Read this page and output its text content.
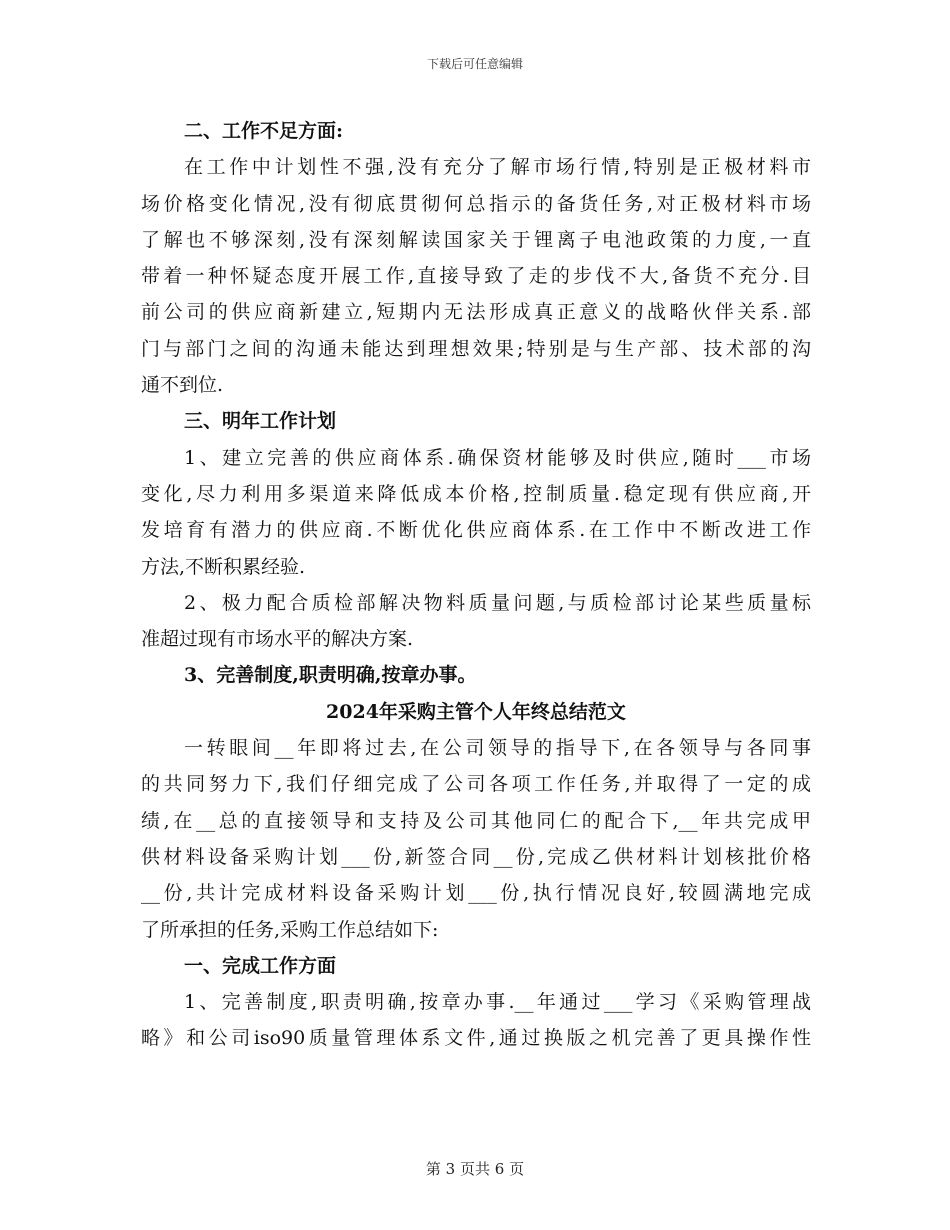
下载后可任意编辑
二、工作不足方面:
在工作中计划性不强,没有充分了解市场行情,特别是正极材料市
场价格变化情况,没有彻底贯彻何总指示的备货任务,对正极材料市场
了解也不够深刻,没有深刻解读国家关于锂离子电池政策的力度,一直
带着一种怀疑态度开展工作,直接导致了走的步伐不大,备货不充分.目
前公司的供应商新建立,短期内无法形成真正意义的战略伙伴关系.部
门与部门之间的沟通未能达到理想效果;特别是与生产部、技术部的沟
通不到位.
三、明年工作计划
1、建立完善的供应商体系.确保资材能够及时供应,随时___市场
变化,尽力利用多渠道来降低成本价格,控制质量.稳定现有供应商,开
发培育有潜力的供应商.不断优化供应商体系.在工作中不断改进工作
方法,不断积累经验.
2、极力配合质检部解决物料质量问题,与质检部讨论某些质量标
准超过现有市场水平的解决方案.
3、完善制度,职责明确,按章办事。
2024年采购主管个人年终总结范文
一转眼间__年即将过去,在公司领导的指导下,在各领导与各同事
的共同努力下,我们仔细完成了公司各项工作任务,并取得了一定的成
绩,在__总的直接领导和支持及公司其他同仁的配合下,__年共完成甲
供材料设备采购计划___份,新签合同__份,完成乙供材料计划核批价格
__份,共计完成材料设备采购计划___份,执行情况良好,较圆满地完成
了所承担的任务,采购工作总结如下:
一、完成工作方面
1、完善制度,职责明确,按章办事.__年通过___学习《采购管理战
略》和公司iso90质量管理体系文件,通过换版之机完善了更具操作性
第 3 页共 6 页
